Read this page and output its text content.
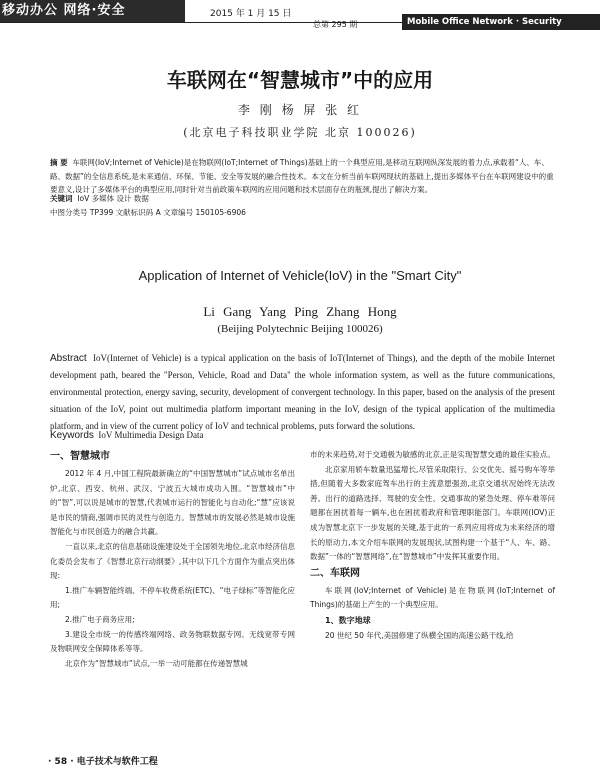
移动办公 网络·安全	2015 年 1 月 15 日
总第 295 期	Mobile Office Network · Security
车联网在“智慧城市”中的应用
李 刚 杨 屏 张 红
(北京电子科技职业学院 北京 100026)
摘 要 车联网(IoV;Internet of Vehicle)是在物联网(IoT;Internet of Things)基础上的一个典型应用,是移动互联网纵深发展的着力点,承载着“人、车、路、数据”的全信息系统,是未来通信、环保、节能、安全等发展的融合性技术。本文在分析当前车联网现状的基础上,提出多媒体平台在车联网建设中的重要意义,设计了多媒体平台的典型应用,同时针对当前政策车联网的应用问题和技术层面存在的瓶颈,提出了解决方案。
关键词 IoV 多媒体 设计 数据
中图分类号 TP399 文献标识码 A 文章编号 150105-6906
Application of Internet of Vehicle(IoV) in the "Smart City"
Li Gang Yang Ping Zhang Hong
(Beijing Polytechnic Beijing 100026)
Abstract IoV(Internet of Vehicle) is a typical application on the basis of IoT(Internet of Things), and the depth of the mobile Internet development path, beared the "Person, Vehicle, Road and Data" the whole information system, as well as the future communications, environmental protection, energy saving, security, development of convergent technology. In this paper, based on the analysis of the present situation of the IoV, point out multimedia platform important meaning in the IoV, design of the typical application of the multimedia platform, and in view of the current policy of IoV and technical problems, puts forward the solutions.
Keywords IoV Multimedia Design Data
一、智慧城市

2012 年 4 月,中国工程院最新确立的“中国智慧城市”试点城市名单出炉,北京、西安、杭州、武汉、宁波五大城市成功入围。“智慧城市”中的“智”,可以说是城市的智慧,代表城市运行的智能化与自动化;“慧”应该说是市民的情商,强调市民的灵性与创造力。智慧城市的发展必然是城市设施智能化与市民创造力的融合共赢。

一直以来,北京的信息基础设施建设处于全国领先地位,北京市经济信息化委员会发布了《智慧北京行动纲要》,其中以下几个方面作为重点突出体现:

1.推广车辆智能终端、不停车收费系统(ETC)、“电子绿标”等智能化应用;

2.推广电子商务应用;

3.建设全市统一的传感终端网络、政务物联数据专网、无线宽带专网及物联网安全保障体系等等。

北京作为“智慧城市”试点,一举一动可能都在传递智慧城

市的未来趋势,对于交通极为敏感的北京,正是实现智慧交通的最佳实验点。

北京家用轿车数量迅猛增长,尽管采取限行、公交优先、摇号购车等举措,但随着大多数家庭驾车出行的主流意愿强劲,北京交通状况始终无法改善。出行的道路选择、驾驶的安全性、交通事故的紧急处理、停车难等问题都在困扰着每一辆车,也在困扰着政府和管理职能部门。车联网(IOV)正成为智慧北京下一步发展的关键,基于此的一系列应用将成为未来经济的增长的原动力,本文介绍车联网的发展现状,试图构建一个基于“人、车、路、数据”一体的“智慧网络”,在“智慧城市”中发挥其重要作用。

二、车联网

车联网(IoV;Internet of Vehicle)是在物联网(IoT;Internet of Things)的基础上产生的一个典型应用。

1、数字地球

20 世纪 50 年代,美国修建了纵横全国的高速公路干线,给

· 58 · 电子技术与软件工程
